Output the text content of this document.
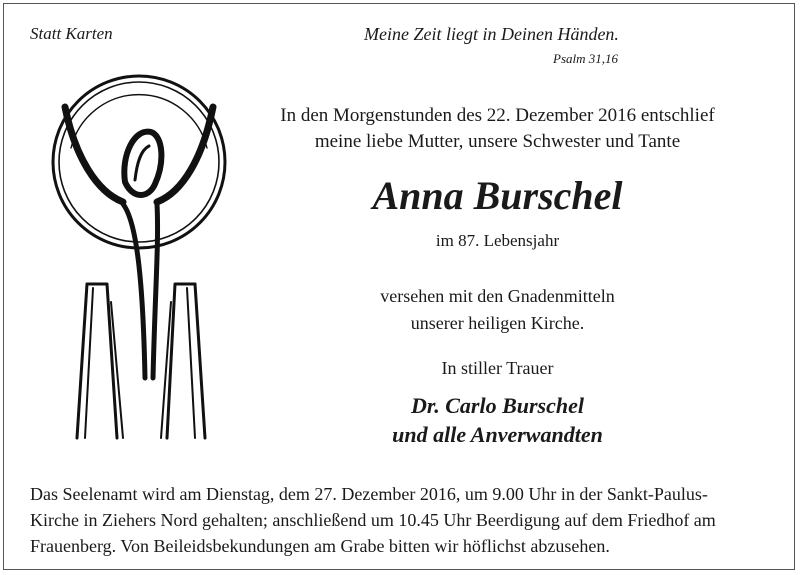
Statt Karten	Meine Zeit liegt in Deinen Händen.
Psalm 31,16
In den Morgenstunden des 22. Dezember 2016 entschlief
meine liebe Mutter, unsere Schwester und Tante
Anna Burschel
im 87. Lebensjahr
versehen mit den Gnadenmitteln
unserer heiligen Kirche.
In stiller Trauer
Dr. Carlo Burschel
und alle Anverwandten
Das Seelenamt wird am Dienstag, dem 27. Dezember 2016, um 9.00 Uhr in der Sankt-Paulus-
Kirche in Ziehers Nord gehalten; anschließend um 10.45 Uhr Beerdigung auf dem Friedhof am
Frauenberg. Von Beileidsbekundungen am Grabe bitten wir höflichst abzusehen.
